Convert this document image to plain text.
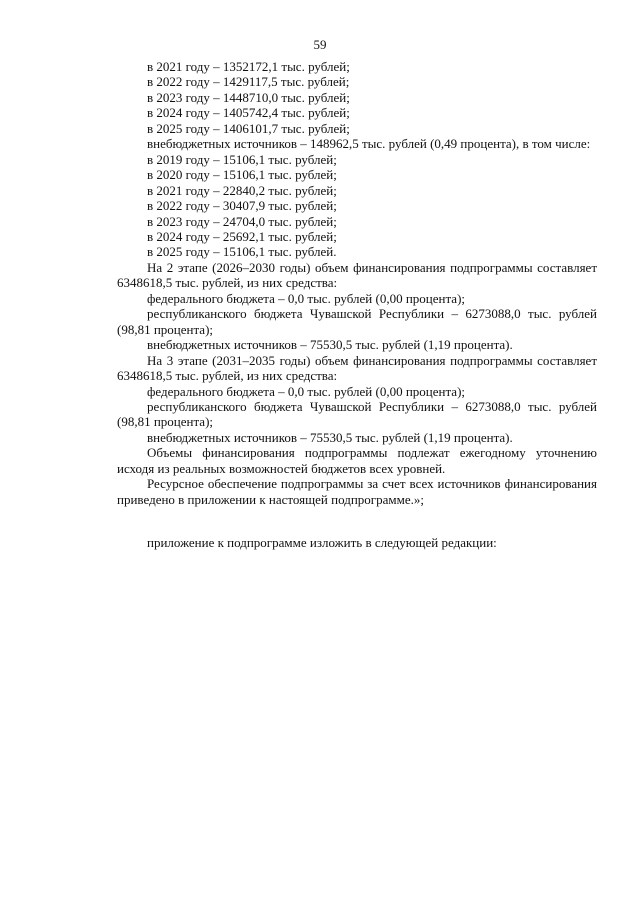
59

в 2021 году – 1352172,1 тыс. рублей;

в 2022 году – 1429117,5 тыс. рублей;

в 2023 году – 1448710,0 тыс. рублей;

в 2024 году – 1405742,4 тыс. рублей;

в 2025 году – 1406101,7 тыс. рублей;

внебюджетных источников – 148962,5 тыс. рублей (0,49 процента), в том числе:

в 2019 году – 15106,1 тыс. рублей;

в 2020 году – 15106,1 тыс. рублей;

в 2021 году – 22840,2 тыс. рублей;

в 2022 году – 30407,9 тыс. рублей;

в 2023 году – 24704,0 тыс. рублей;

в 2024 году – 25692,1 тыс. рублей;

в 2025 году – 15106,1 тыс. рублей.

На 2 этапе (2026–2030 годы) объем финансирования подпрограммы составляет 6348618,5 тыс. рублей, из них средства:

федерального бюджета – 0,0 тыс. рублей (0,00 процента);

республиканского бюджета Чувашской Республики – 6273088,0 тыс. рублей (98,81 процента);

внебюджетных источников – 75530,5 тыс. рублей (1,19 процента).

На 3 этапе (2031–2035 годы) объем финансирования подпрограммы составляет 6348618,5 тыс. рублей, из них средства:

федерального бюджета – 0,0 тыс. рублей (0,00 процента);

республиканского бюджета Чувашской Республики – 6273088,0 тыс. рублей (98,81 процента);

внебюджетных источников – 75530,5 тыс. рублей (1,19 процента).

Объемы финансирования подпрограммы подлежат ежегодному уточнению исходя из реальных возможностей бюджетов всех уровней.

Ресурсное обеспечение подпрограммы за счет всех источников финансирования приведено в приложении к настоящей подпрограмме.»;

приложение к подпрограмме изложить в следующей редакции:
